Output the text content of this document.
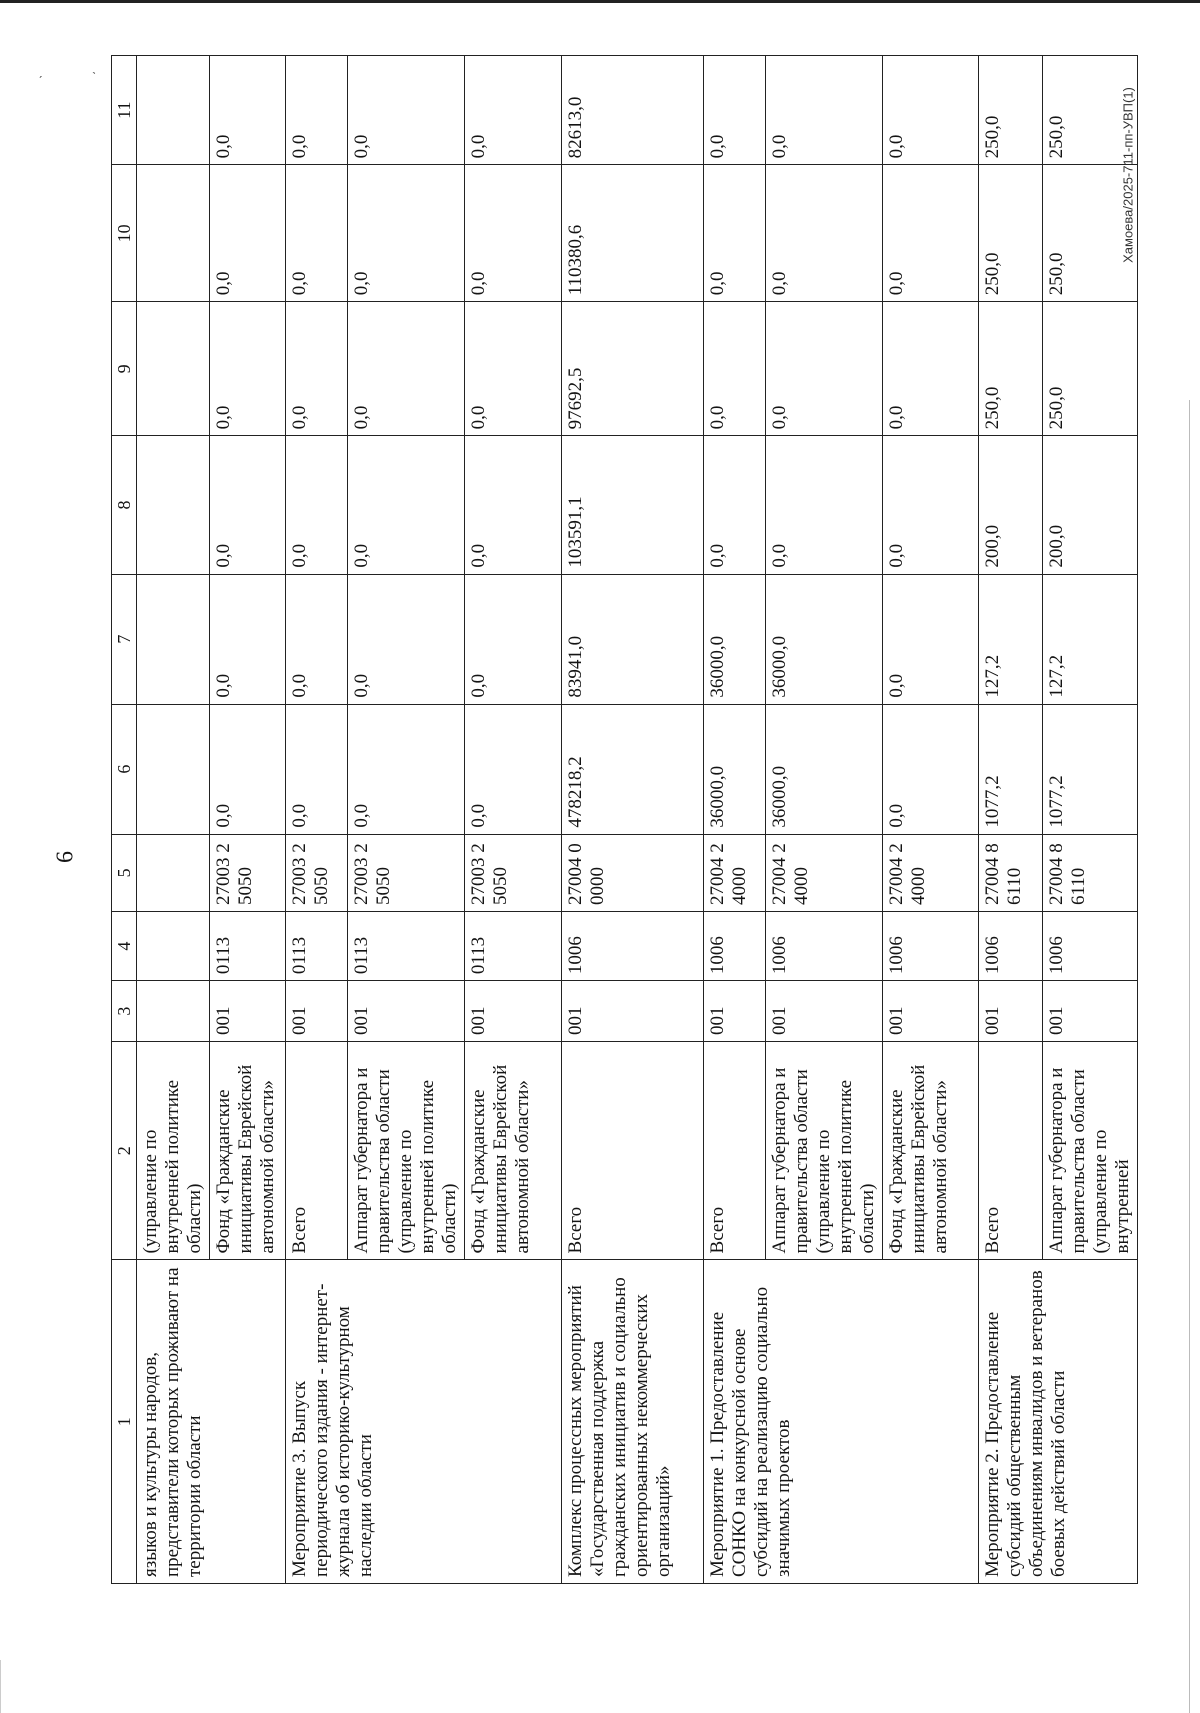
ˏ	ˎ
6
Хамоева/2025-711-пп-УВП(1)
1	2	3	4	5	6	7	8	9	10	11
языков и культуры народов, представители которых проживают на территории области	(управление по внутренней политике области)									
	Фонд «Гражданские инициативы Еврейской автономной области»	001	0113	27003 25050	0,0	0,0	0,0	0,0	0,0	0,0
Мероприятие 3. Выпуск периодического издания - интернет-журнала об историко-культурном наследии области	Всего	001	0113	27003 25050	0,0	0,0	0,0	0,0	0,0	0,0
	Аппарат губернатора и правительства области (управление по внутренней политике области)	001	0113	27003 25050	0,0	0,0	0,0	0,0	0,0	0,0
	Фонд «Гражданские инициативы Еврейской автономной области»	001	0113	27003 25050	0,0	0,0	0,0	0,0	0,0	0,0
Комплекс процессных мероприятий «Государственная поддержка гражданских инициатив и социально ориентированных некоммерческих организаций»	Всего	001	1006	27004 00000	478218,2	83941,0	103591,1	97692,5	110380,6	82613,0
Мероприятие 1. Предоставление СОНКО на конкурсной основе субсидий на реализацию социально значимых проектов	Всего	001	1006	27004 24000	36000,0	36000,0	0,0	0,0	0,0	0,0
	Аппарат губернатора и правительства области (управление по внутренней политике области)	001	1006	27004 24000	36000,0	36000,0	0,0	0,0	0,0	0,0
	Фонд «Гражданские инициативы Еврейской автономной области»	001	1006	27004 24000	0,0	0,0	0,0	0,0	0,0	0,0
Мероприятие 2. Предоставление субсидий общественным объединениям инвалидов и ветеранов боевых действий области	Всего	001	1006	27004 86110	1077,2	127,2	200,0	250,0	250,0	250,0
	Аппарат губернатора и правительства области (управление по внутренней	001	1006	27004 86110	1077,2	127,2	200,0	250,0	250,0	250,0
